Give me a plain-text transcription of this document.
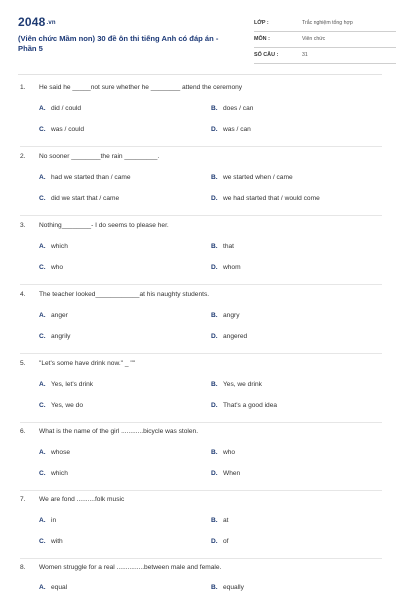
2048.vn
(Viên chức Mầm non) 30 đề ôn thi tiếng Anh có đáp án - Phần 5
LỚP :	Trắc nghiệm tổng hợp
MÔN :	Viên chức
SỐ CÂU :	31
1. He said he _____not sure whether he ________ attend the ceremony
A. did / could	B. does / can
C. was / could	D. was / can
2. No sooner ________the rain _________.
A. had we started than / came	B. we started when / came
C. did we start that / came	D. we had started that / would come
3. Nothing________- I do seems to please her.
A. which	B. that
C. who	D. whom
4. The teacher looked____________at his naughty students.
A. anger	B. angry
C. angrily	D. angered
5. "Let's some have drink now." _ ""
A. Yes, let's drink	B. Yes, we drink
C. Yes, we do	D. That's a good idea
6. What is the name of the girl ............bicycle was stolen.
A. whose	B. who
C. which	D. When
7. We are fond ..........folk music
A. in	B. at
C. with	D. of
8. Women struggle for a real ...............between male and female.
A. equal	B. equally
